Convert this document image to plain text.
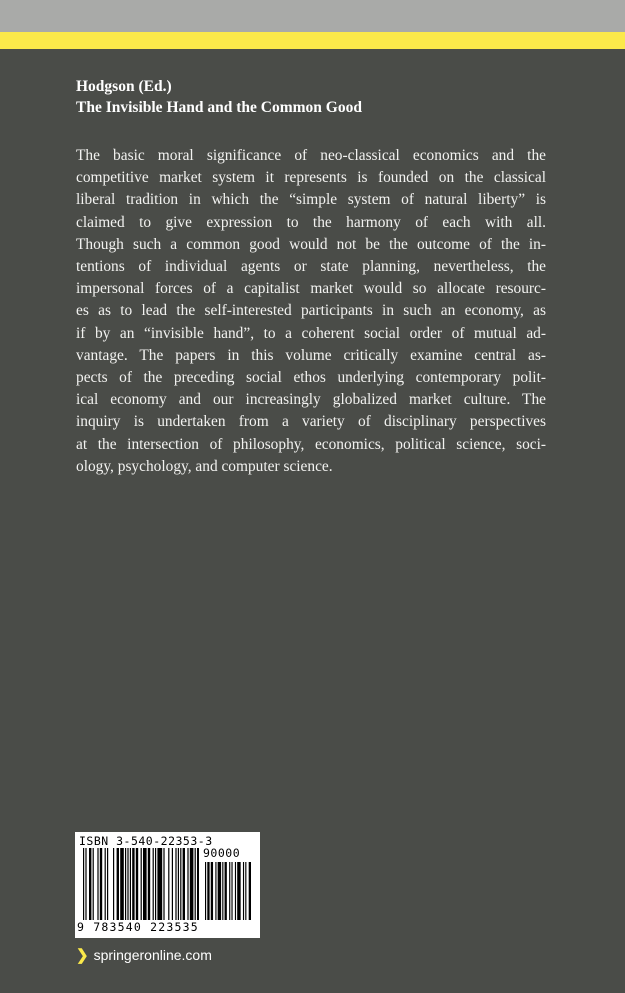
Hodgson (Ed.)
The Invisible Hand and the Common Good
The basic moral significance of neo-classical economics and the
competitive market system it represents is founded on the classical
liberal tradition in which the “simple system of natural liberty” is
claimed to give expression to the harmony of each with all.
Though such a common good would not be the outcome of the in-
tentions of individual agents or state planning, nevertheless, the
impersonal forces of a capitalist market would so allocate resourc-
es as to lead the self-interested participants in such an economy, as
if by an “invisible hand”, to a coherent social order of mutual ad-
vantage. The papers in this volume critically examine central as-
pects of the preceding social ethos underlying contemporary polit-
ical economy and our increasingly globalized market culture. The
inquiry is undertaken from a variety of disciplinary perspectives
at the intersection of philosophy, economics, political science, soci-
ology, psychology, and computer science.
ISBN 3-540-22353-3
90000
9 783540 223535
❯ springeronline.com
